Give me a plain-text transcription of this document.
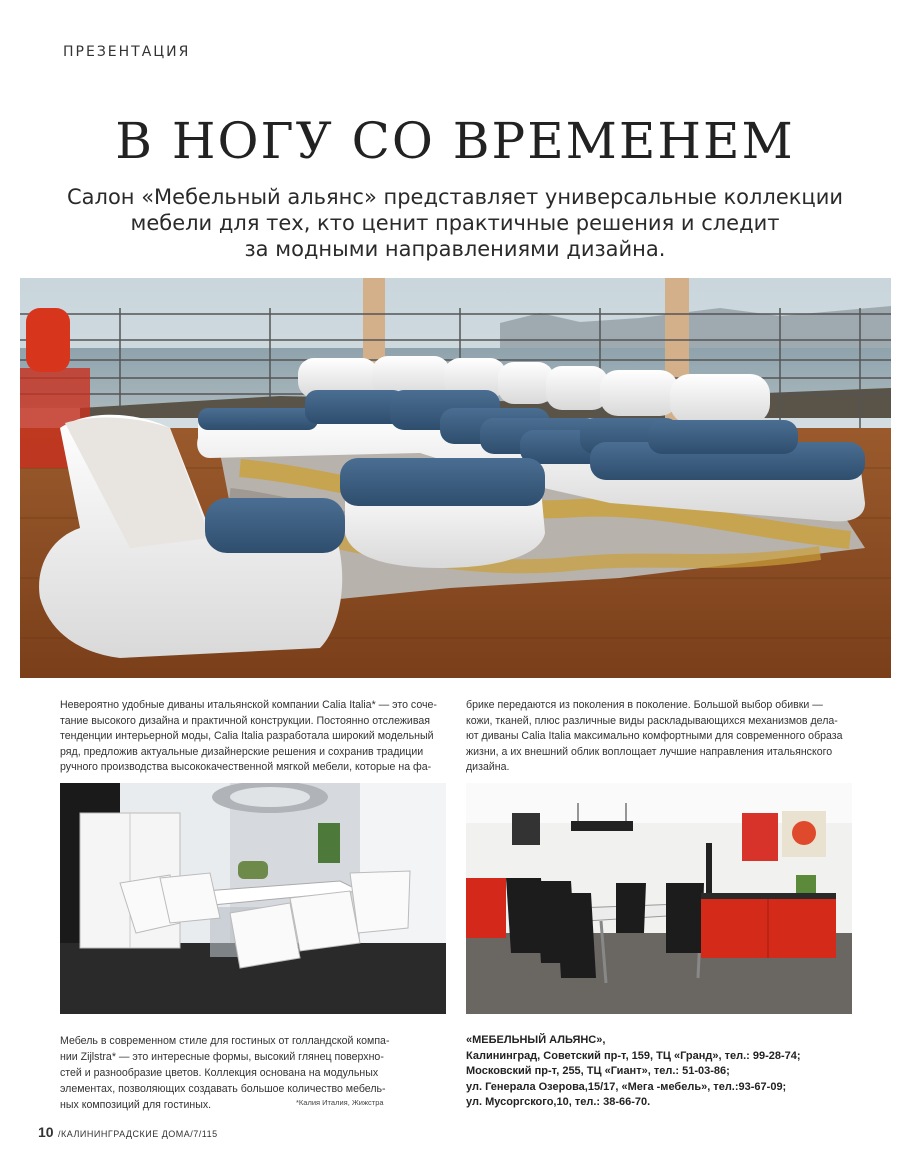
ПРЕЗЕНТАЦИЯ
В НОГУ СО ВРЕМЕНЕМ
Салон «Мебельный альянс» представляет универсальные коллекции
мебели для тех, кто ценит практичные решения и следит
за модными направлениями дизайна.
Невероятно удобные диваны итальянской компании Calia Italia* — это соче-
тание высокого дизайна и практичной конструкции. Постоянно отслеживая
тенденции интерьерной моды, Calia Italia разработала широкий модельный
ряд, предложив актуальные дизайнерские решения и сохранив традиции
ручного производства высококачественной мягкой мебели, которые на фа-
брике передаются из поколения в поколение. Большой выбор обивки —
кожи, тканей, плюс различные виды раскладывающихся механизмов дела-
ют диваны Calia Italia максимально комфортными для современного образа
жизни, а их внешний облик воплощает лучшие направления итальянского
дизайна.
Мебель в современном стиле для гостиных от голландской компа-
нии Zijlstra* — это интересные формы, высокий глянец поверхно-
стей и разнообразие цветов. Коллекция основана на модульных
элементах, позволяющих создавать большое количество мебель-
ных композиций для гостиных.	*Калия Италия, Жижстра
«МЕБЕЛЬНЫЙ АЛЬЯНС»,
Калининград, Советский пр-т, 159, ТЦ «Гранд», тел.: 99-28-74;
Московский пр-т, 255, ТЦ «Гиант», тел.: 51-03-86;
ул. Генерала Озерова,15/17, «Мега -мебель», тел.:93-67-09;
ул. Мусоргского,10, тел.: 38-66-70.
10 /КАЛИНИНГРАДСКИЕ ДОМА/7/115
